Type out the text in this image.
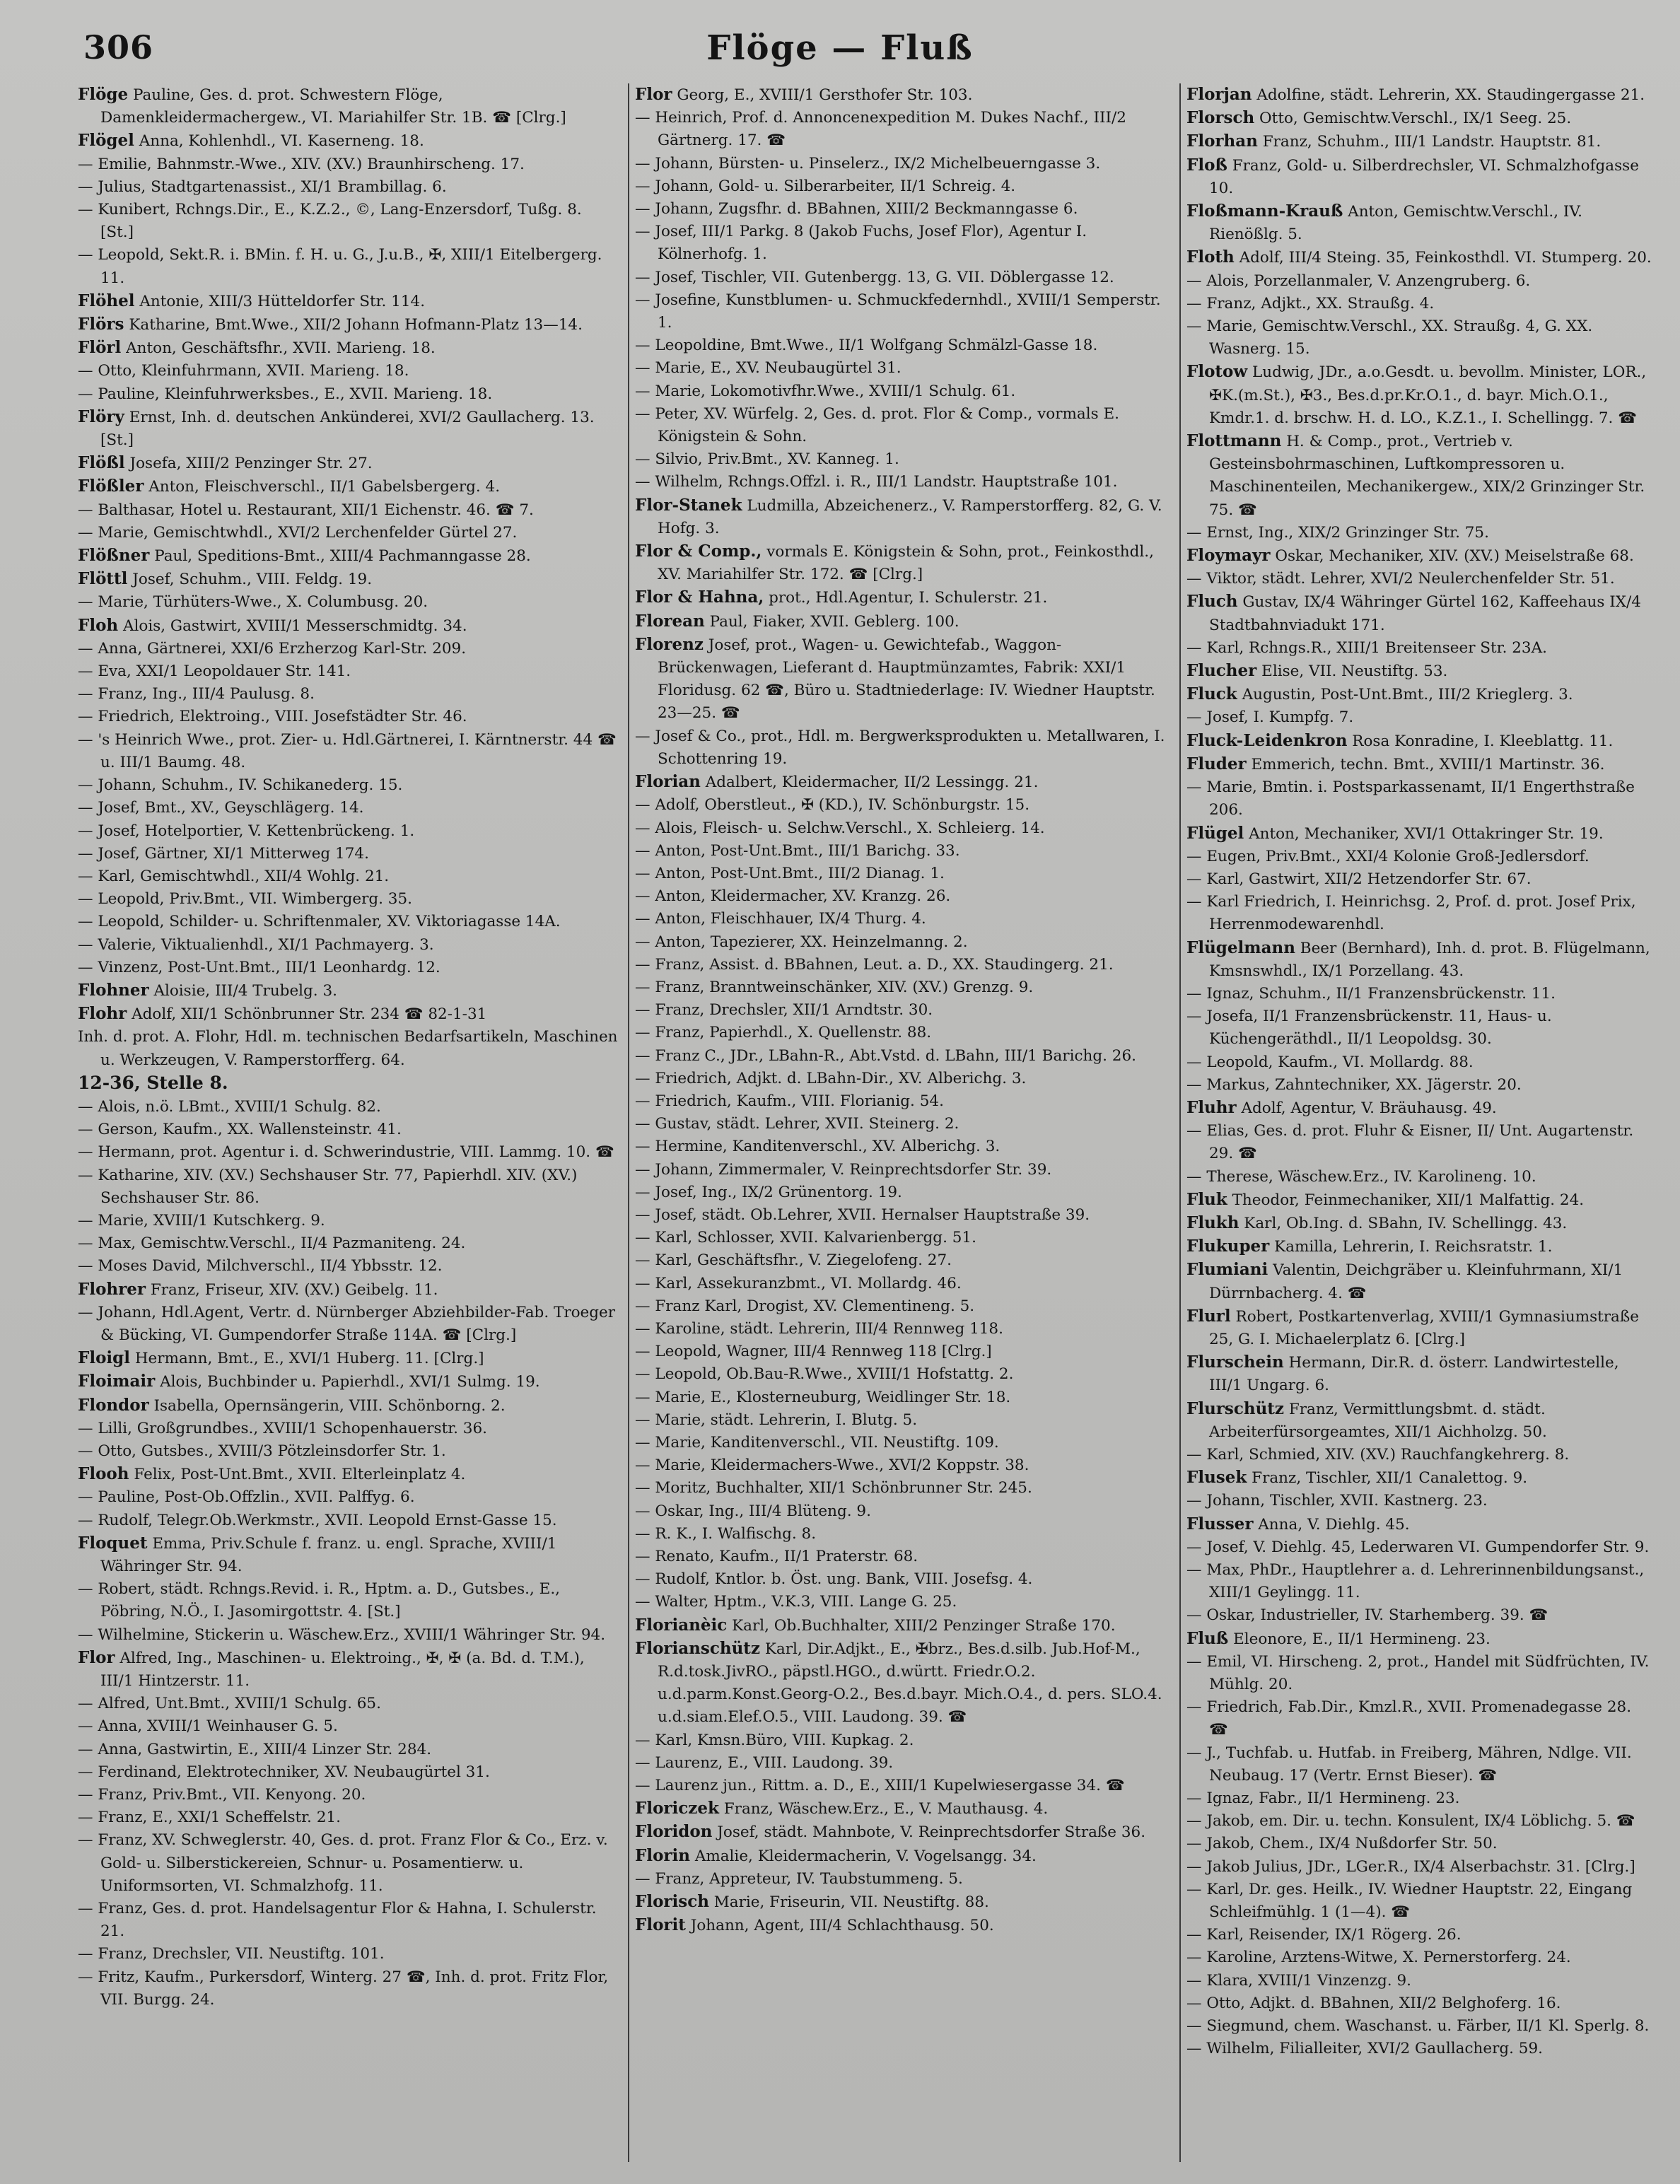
306	Flöge — Fluß

Flöge Pauline, Ges. d. prot. Schwestern Flöge, Damenkleidermachergew., VI. Mariahilfer Str. 1B. ☎ [Clrg.]

Flögel Anna, Kohlenhdl., VI. Kaserneng. 18.

— Emilie, Bahnmstr.-Wwe., XIV. (XV.) Braunhirscheng. 17.

— Julius, Stadtgartenassist., XI/1 Brambillag. 6.

— Kunibert, Rchngs.Dir., E., K.Z.2., ©, Lang-Enzersdorf, Tußg. 8. [St.]

— Leopold, Sekt.R. i. BMin. f. H. u. G., J.u.B., ✠, XIII/1 Eitelbergerg. 11.

Flöhel Antonie, XIII/3 Hütteldorfer Str. 114.

Flörs Katharine, Bmt.Wwe., XII/2 Johann Hofmann-Platz 13—14.

Flörl Anton, Geschäftsfhr., XVII. Marieng. 18.

— Otto, Kleinfuhrmann, XVII. Marieng. 18.

— Pauline, Kleinfuhrwerksbes., E., XVII. Marieng. 18.

Flöry Ernst, Inh. d. deutschen Ankünderei, XVI/2 Gaullacherg. 13. [St.]

Flößl Josefa, XIII/2 Penzinger Str. 27.

Flößler Anton, Fleischverschl., II/1 Gabelsbergerg. 4.

— Balthasar, Hotel u. Restaurant, XII/1 Eichenstr. 46. ☎ 7.

— Marie, Gemischtwhdl., XVI/2 Lerchenfelder Gürtel 27.

Flößner Paul, Speditions-Bmt., XIII/4 Pachmanngasse 28.

Flöttl Josef, Schuhm., VIII. Feldg. 19.

— Marie, Türhüters-Wwe., X. Columbusg. 20.

Floh Alois, Gastwirt, XVIII/1 Messerschmidtg. 34.

— Anna, Gärtnerei, XXI/6 Erzherzog Karl-Str. 209.

— Eva, XXI/1 Leopoldauer Str. 141.

— Franz, Ing., III/4 Paulusg. 8.

— Friedrich, Elektroing., VIII. Josefstädter Str. 46.

— 's Heinrich Wwe., prot. Zier- u. Hdl.Gärtnerei, I. Kärntnerstr. 44 ☎ u. III/1 Baumg. 48.

— Johann, Schuhm., IV. Schikanederg. 15.

— Josef, Bmt., XV., Geyschlägerg. 14.

— Josef, Hotelportier, V. Kettenbrückeng. 1.

— Josef, Gärtner, XI/1 Mitterweg 174.

— Karl, Gemischtwhdl., XII/4 Wohlg. 21.

— Leopold, Priv.Bmt., VII. Wimbergerg. 35.

— Leopold, Schilder- u. Schriftenmaler, XV. Viktoriagasse 14A.

— Valerie, Viktualienhdl., XI/1 Pachmayerg. 3.

— Vinzenz, Post-Unt.Bmt., III/1 Leonhardg. 12.

Flohner Aloisie, III/4 Trubelg. 3.

Flohr Adolf, XII/1 Schönbrunner Str. 234 ☎ 82-1-31

Inh. d. prot. A. Flohr, Hdl. m. technischen Bedarfsartikeln, Maschinen u. Werkzeugen, V. Ramperstorfferg. 64.

12-36, Stelle 8.

— Alois, n.ö. LBmt., XVIII/1 Schulg. 82.

— Gerson, Kaufm., XX. Wallensteinstr. 41.

— Hermann, prot. Agentur i. d. Schwerindustrie, VIII. Lammg. 10. ☎

— Katharine, XIV. (XV.) Sechshauser Str. 77, Papierhdl. XIV. (XV.) Sechshauser Str. 86.

— Marie, XVIII/1 Kutschkerg. 9.

— Max, Gemischtw.Verschl., II/4 Pazmaniteng. 24.

— Moses David, Milchverschl., II/4 Ybbsstr. 12.

Flohrer Franz, Friseur, XIV. (XV.) Geibelg. 11.

— Johann, Hdl.Agent, Vertr. d. Nürnberger Abziehbilder-Fab. Troeger & Bücking, VI. Gumpendorfer Straße 114A. ☎ [Clrg.]

Floigl Hermann, Bmt., E., XVI/1 Huberg. 11. [Clrg.]

Floimair Alois, Buchbinder u. Papierhdl., XVI/1 Sulmg. 19.

Flondor Isabella, Opernsängerin, VIII. Schönborng. 2.

— Lilli, Großgrundbes., XVIII/1 Schopenhauerstr. 36.

— Otto, Gutsbes., XVIII/3 Pötzleinsdorfer Str. 1.

Flooh Felix, Post-Unt.Bmt., XVII. Elterleinplatz 4.

— Pauline, Post-Ob.Offzlin., XVII. Palffyg. 6.

— Rudolf, Telegr.Ob.Werkmstr., XVII. Leopold Ernst-Gasse 15.

Floquet Emma, Priv.Schule f. franz. u. engl. Sprache, XVIII/1 Währinger Str. 94.

— Robert, städt. Rchngs.Revid. i. R., Hptm. a. D., Gutsbes., E., Pöbring, N.Ö., I. Jasomirgottstr. 4. [St.]

— Wilhelmine, Stickerin u. Wäschew.Erz., XVIII/1 Währinger Str. 94.

Flor Alfred, Ing., Maschinen- u. Elektroing., ✠, ✠ (a. Bd. d. T.M.), III/1 Hintzerstr. 11.

— Alfred, Unt.Bmt., XVIII/1 Schulg. 65.

— Anna, XVIII/1 Weinhauser G. 5.

— Anna, Gastwirtin, E., XIII/4 Linzer Str. 284.

— Ferdinand, Elektrotechniker, XV. Neubaugürtel 31.

— Franz, Priv.Bmt., VII. Kenyong. 20.

— Franz, E., XXI/1 Scheffelstr. 21.

— Franz, XV. Schweglerstr. 40, Ges. d. prot. Franz Flor & Co., Erz. v. Gold- u. Silberstickereien, Schnur- u. Posamentierw. u. Uniformsorten, VI. Schmalzhofg. 11.

— Franz, Ges. d. prot. Handelsagentur Flor & Hahna, I. Schulerstr. 21.

— Franz, Drechsler, VII. Neustiftg. 101.

— Fritz, Kaufm., Purkersdorf, Winterg. 27 ☎, Inh. d. prot. Fritz Flor, VII. Burgg. 24.

Flor Georg, E., XVIII/1 Gersthofer Str. 103.

— Heinrich, Prof. d. Annoncenexpedition M. Dukes Nachf., III/2 Gärtnerg. 17. ☎

— Johann, Bürsten- u. Pinselerz., IX/2 Michelbeuerngasse 3.

— Johann, Gold- u. Silberarbeiter, II/1 Schreig. 4.

— Johann, Zugsfhr. d. BBahnen, XIII/2 Beckmanngasse 6.

— Josef, III/1 Parkg. 8 (Jakob Fuchs, Josef Flor), Agentur I. Kölnerhofg. 1.

— Josef, Tischler, VII. Gutenbergg. 13, G. VII. Döblergasse 12.

— Josefine, Kunstblumen- u. Schmuckfedernhdl., XVIII/1 Semperstr. 1.

— Leopoldine, Bmt.Wwe., II/1 Wolfgang Schmälzl-Gasse 18.

— Marie, E., XV. Neubaugürtel 31.

— Marie, Lokomotivfhr.Wwe., XVIII/1 Schulg. 61.

— Peter, XV. Würfelg. 2, Ges. d. prot. Flor & Comp., vormals E. Königstein & Sohn.

— Silvio, Priv.Bmt., XV. Kanneg. 1.

— Wilhelm, Rchngs.Offzl. i. R., III/1 Landstr. Hauptstraße 101.

Flor-Stanek Ludmilla, Abzeichenerz., V. Ramperstorfferg. 82, G. V. Hofg. 3.

Flor & Comp., vormals E. Königstein & Sohn, prot., Feinkosthdl., XV. Mariahilfer Str. 172. ☎ [Clrg.]

Flor & Hahna, prot., Hdl.Agentur, I. Schulerstr. 21.

Florean Paul, Fiaker, XVII. Geblerg. 100.

Florenz Josef, prot., Wagen- u. Gewichtefab., Waggon-Brückenwagen, Lieferant d. Hauptmünzamtes, Fabrik: XXI/1 Floridusg. 62 ☎, Büro u. Stadtniederlage: IV. Wiedner Hauptstr. 23—25. ☎

— Josef & Co., prot., Hdl. m. Bergwerksprodukten u. Metallwaren, I. Schottenring 19.

Florian Adalbert, Kleidermacher, II/2 Lessingg. 21.

— Adolf, Oberstleut., ✠ (KD.), IV. Schönburgstr. 15.

— Alois, Fleisch- u. Selchw.Verschl., X. Schleierg. 14.

— Anton, Post-Unt.Bmt., III/1 Barichg. 33.

— Anton, Post-Unt.Bmt., III/2 Dianag. 1.

— Anton, Kleidermacher, XV. Kranzg. 26.

— Anton, Fleischhauer, IX/4 Thurg. 4.

— Anton, Tapezierer, XX. Heinzelmanng. 2.

— Franz, Assist. d. BBahnen, Leut. a. D., XX. Staudingerg. 21.

— Franz, Branntweinschänker, XIV. (XV.) Grenzg. 9.

— Franz, Drechsler, XII/1 Arndtstr. 30.

— Franz, Papierhdl., X. Quellenstr. 88.

— Franz C., JDr., LBahn-R., Abt.Vstd. d. LBahn, III/1 Barichg. 26.

— Friedrich, Adjkt. d. LBahn-Dir., XV. Alberichg. 3.

— Friedrich, Kaufm., VIII. Florianig. 54.

— Gustav, städt. Lehrer, XVII. Steinerg. 2.

— Hermine, Kanditenverschl., XV. Alberichg. 3.

— Johann, Zimmermaler, V. Reinprechtsdorfer Str. 39.

— Josef, Ing., IX/2 Grünentorg. 19.

— Josef, städt. Ob.Lehrer, XVII. Hernalser Hauptstraße 39.

— Karl, Schlosser, XVII. Kalvarienbergg. 51.

— Karl, Geschäftsfhr., V. Ziegelofeng. 27.

— Karl, Assekuranzbmt., VI. Mollardg. 46.

— Franz Karl, Drogist, XV. Clementineng. 5.

— Karoline, städt. Lehrerin, III/4 Rennweg 118.

— Leopold, Wagner, III/4 Rennweg 118 [Clrg.]

— Leopold, Ob.Bau-R.Wwe., XVIII/1 Hofstattg. 2.

— Marie, E., Klosterneuburg, Weidlinger Str. 18.

— Marie, städt. Lehrerin, I. Blutg. 5.

— Marie, Kanditenverschl., VII. Neustiftg. 109.

— Marie, Kleidermachers-Wwe., XVI/2 Koppstr. 38.

— Moritz, Buchhalter, XII/1 Schönbrunner Str. 245.

— Oskar, Ing., III/4 Blüteng. 9.

— R. K., I. Walfischg. 8.

— Renato, Kaufm., II/1 Praterstr. 68.

— Rudolf, Kntlor. b. Öst. ung. Bank, VIII. Josefsg. 4.

— Walter, Hptm., V.K.3, VIII. Lange G. 25.

Florianèic Karl, Ob.Buchhalter, XIII/2 Penzinger Straße 170.

Florianschütz Karl, Dir.Adjkt., E., ✠brz., Bes.d.silb. Jub.Hof-M., R.d.tosk.JivRO., päpstl.HGO., d.württ. Friedr.O.2. u.d.parm.Konst.Georg-O.2., Bes.d.bayr. Mich.O.4., d. pers. SLO.4. u.d.siam.Elef.O.5., VIII. Laudong. 39. ☎

— Karl, Kmsn.Büro, VIII. Kupkag. 2.

— Laurenz, E., VIII. Laudong. 39.

— Laurenz jun., Rittm. a. D., E., XIII/1 Kupelwiesergasse 34. ☎

Floriczek Franz, Wäschew.Erz., E., V. Mauthausg. 4.

Floridon Josef, städt. Mahnbote, V. Reinprechtsdorfer Straße 36.

Florin Amalie, Kleidermacherin, V. Vogelsangg. 34.

— Franz, Appreteur, IV. Taubstummeng. 5.

Florisch Marie, Friseurin, VII. Neustiftg. 88.

Florit Johann, Agent, III/4 Schlachthausg. 50.

Florjan Adolfine, städt. Lehrerin, XX. Staudingergasse 21.

Florsch Otto, Gemischtw.Verschl., IX/1 Seeg. 25.

Florhan Franz, Schuhm., III/1 Landstr. Hauptstr. 81.

Floß Franz, Gold- u. Silberdrechsler, VI. Schmalzhofgasse 10.

Floßmann-Krauß Anton, Gemischtw.Verschl., IV. Rienößlg. 5.

Floth Adolf, III/4 Steing. 35, Feinkosthdl. VI. Stumperg. 20.

— Alois, Porzellanmaler, V. Anzengruberg. 6.

— Franz, Adjkt., XX. Straußg. 4.

— Marie, Gemischtw.Verschl., XX. Straußg. 4, G. XX. Wasnerg. 15.

Flotow Ludwig, JDr., a.o.Gesdt. u. bevollm. Minister, LOR., ✠K.(m.St.), ✠3., Bes.d.pr.Kr.O.1., d. bayr. Mich.O.1., Kmdr.1. d. brschw. H. d. LO., K.Z.1., I. Schellingg. 7. ☎

Flottmann H. & Comp., prot., Vertrieb v. Gesteinsbohrmaschinen, Luftkompressoren u. Maschinenteilen, Mechanikergew., XIX/2 Grinzinger Str. 75. ☎

— Ernst, Ing., XIX/2 Grinzinger Str. 75.

Floymayr Oskar, Mechaniker, XIV. (XV.) Meiselstraße 68.

— Viktor, städt. Lehrer, XVI/2 Neulerchenfelder Str. 51.

Fluch Gustav, IX/4 Währinger Gürtel 162, Kaffeehaus IX/4 Stadtbahnviadukt 171.

— Karl, Rchngs.R., XIII/1 Breitenseer Str. 23A.

Flucher Elise, VII. Neustiftg. 53.

Fluck Augustin, Post-Unt.Bmt., III/2 Krieglerg. 3.

— Josef, I. Kumpfg. 7.

Fluck-Leidenkron Rosa Konradine, I. Kleeblattg. 11.

Fluder Emmerich, techn. Bmt., XVIII/1 Martinstr. 36.

— Marie, Bmtin. i. Postsparkassenamt, II/1 Engerthstraße 206.

Flügel Anton, Mechaniker, XVI/1 Ottakringer Str. 19.

— Eugen, Priv.Bmt., XXI/4 Kolonie Groß-Jedlersdorf.

— Karl, Gastwirt, XII/2 Hetzendorfer Str. 67.

— Karl Friedrich, I. Heinrichsg. 2, Prof. d. prot. Josef Prix, Herrenmodewarenhdl.

Flügelmann Beer (Bernhard), Inh. d. prot. B. Flügelmann, Kmsnswhdl., IX/1 Porzellang. 43.

— Ignaz, Schuhm., II/1 Franzensbrückenstr. 11.

— Josefa, II/1 Franzensbrückenstr. 11, Haus- u. Küchengeräthdl., II/1 Leopoldsg. 30.

— Leopold, Kaufm., VI. Mollardg. 88.

— Markus, Zahntechniker, XX. Jägerstr. 20.

Fluhr Adolf, Agentur, V. Bräuhausg. 49.

— Elias, Ges. d. prot. Fluhr & Eisner, II/ Unt. Augartenstr. 29. ☎

— Therese, Wäschew.Erz., IV. Karolineng. 10.

Fluk Theodor, Feinmechaniker, XII/1 Malfattig. 24.

Flukh Karl, Ob.Ing. d. SBahn, IV. Schellingg. 43.

Flukuper Kamilla, Lehrerin, I. Reichsratstr. 1.

Flumiani Valentin, Deichgräber u. Kleinfuhrmann, XI/1 Dürrnbacherg. 4. ☎

Flurl Robert, Postkartenverlag, XVIII/1 Gymnasiumstraße 25, G. I. Michaelerplatz 6. [Clrg.]

Flurschein Hermann, Dir.R. d. österr. Landwirtestelle, III/1 Ungarg. 6.

Flurschütz Franz, Vermittlungsbmt. d. städt. Arbeiterfürsorgeamtes, XII/1 Aichholzg. 50.

— Karl, Schmied, XIV. (XV.) Rauchfangkehrerg. 8.

Flusek Franz, Tischler, XII/1 Canalettog. 9.

— Johann, Tischler, XVII. Kastnerg. 23.

Flusser Anna, V. Diehlg. 45.

— Josef, V. Diehlg. 45, Lederwaren VI. Gumpendorfer Str. 9.

— Max, PhDr., Hauptlehrer a. d. Lehrerinnenbildungsanst., XIII/1 Geylingg. 11.

— Oskar, Industrieller, IV. Starhemberg. 39. ☎

Fluß Eleonore, E., II/1 Hermineng. 23.

— Emil, VI. Hirscheng. 2, prot., Handel mit Südfrüchten, IV. Mühlg. 20.

— Friedrich, Fab.Dir., Kmzl.R., XVII. Promenadegasse 28. ☎

— J., Tuchfab. u. Hutfab. in Freiberg, Mähren, Ndlge. VII. Neubaug. 17 (Vertr. Ernst Bieser). ☎

— Ignaz, Fabr., II/1 Hermineng. 23.

— Jakob, em. Dir. u. techn. Konsulent, IX/4 Löblichg. 5. ☎

— Jakob, Chem., IX/4 Nußdorfer Str. 50.

— Jakob Julius, JDr., LGer.R., IX/4 Alserbachstr. 31. [Clrg.]

— Karl, Dr. ges. Heilk., IV. Wiedner Hauptstr. 22, Eingang Schleifmühlg. 1 (1—4). ☎

— Karl, Reisender, IX/1 Rögerg. 26.

— Karoline, Arztens-Witwe, X. Pernerstorferg. 24.

— Klara, XVIII/1 Vinzenzg. 9.

— Otto, Adjkt. d. BBahnen, XII/2 Belghoferg. 16.

— Siegmund, chem. Waschanst. u. Färber, II/1 Kl. Sperlg. 8.

— Wilhelm, Filialleiter, XVI/2 Gaullacherg. 59.
